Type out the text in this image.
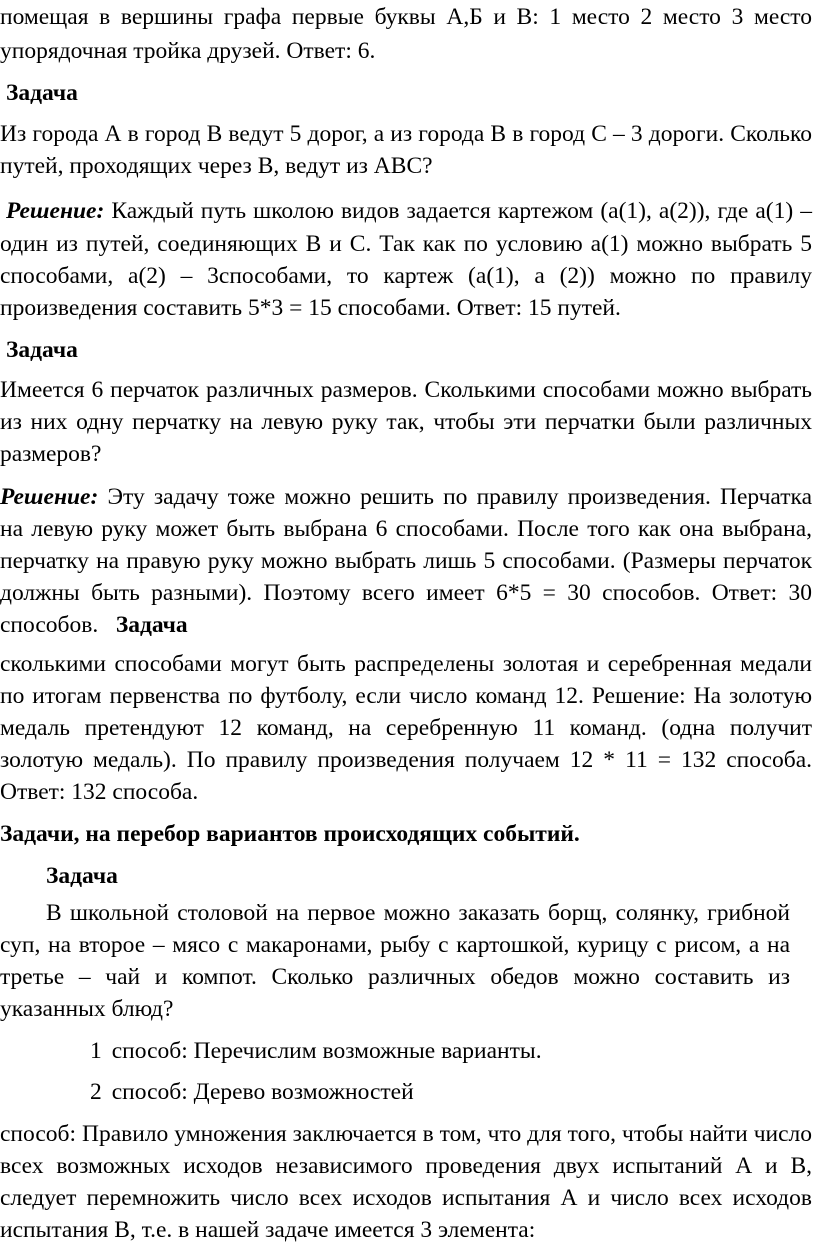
помещая в вершины графа первые буквы А,Б и В: 1 место 2 место 3 место

упорядочная тройка друзей. Ответ: 6.

Задача

Из города А в город В ведут 5 дорог, а из города В в город С – 3 дороги. Сколько

путей, проходящих через В, ведут из АВС?

Решение: Каждый путь школою видов задается картежом (а(1), а(2)), где а(1) –

один из путей, соединяющих В и С. Так как по условию а(1) можно выбрать 5

способами, а(2) – 3способами, то картеж (а(1), а (2)) можно по правилу

произведения составить 5*3 = 15 способами. Ответ: 15 путей.

Задача

Имеется 6 перчаток различных размеров. Сколькими способами можно выбрать

из них одну перчатку на левую руку так, чтобы эти перчатки были различных

размеров?

Решение: Эту задачу тоже можно решить по правилу произведения. Перчатка

на левую руку может быть выбрана 6 способами. После того как она выбрана,

перчатку на правую руку можно выбрать лишь 5 способами. (Размеры перчаток

должны быть разными). Поэтому всего имеет 6*5 = 30 способов. Ответ: 30

способов. Задача

сколькими способами могут быть распределены золотая и серебренная медали

по итогам первенства по футболу, если число команд 12. Решение: На золотую

медаль претендуют 12 команд, на серебренную 11 команд. (одна получит

золотую медаль). По правилу произведения получаем 12 * 11 = 132 способа.

Ответ: 132 способа.

Задачи, на перебор вариантов происходящих событий.

Задача

В школьной столовой на первое можно заказать борщ, солянку, грибной

суп, на второе – мясо с макаронами, рыбу с картошкой, курицу с рисом, а на

третье – чай и компот. Сколько различных обедов можно составить из

указанных блюд?

1 способ: Перечислим возможные варианты.

2 способ: Дерево возможностей

способ: Правило умножения заключается в том, что для того, чтобы найти число

всех возможных исходов независимого проведения двух испытаний А и В,

следует перемножить число всех исходов испытания А и число всех исходов

испытания В, т.е. в нашей задаче имеется 3 элемента:
